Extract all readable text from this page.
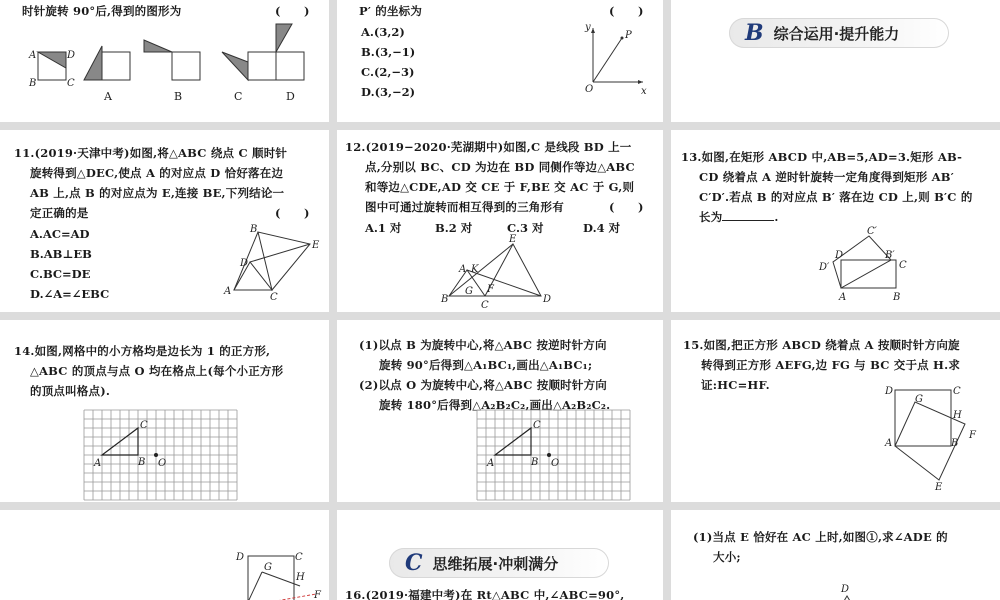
时针旋转 90°后,得到的图形为	(　　)
A	D
B	C
A	B	C	D
P′ 的坐标为	(　　)
A.(3,2)
B.(3,−1)
C.(2,−3)
D.(3,−2)
y
x
O
P	B 综合运用·提升能力
11.(2019·天津中考)如图,将△ABC 绕点 C 顺时针
旋转得到△DEC,使点 A 的对应点 D 恰好落在边
AB 上,点 B 的对应点为 E,连接 BE,下列结论一
定正确的是	(　　)
A.AC=AD
B.AB⊥EB
C.BC=DE
D.∠A=∠EBC	A
D
B
E
C
12.(2019−2020·芜湖期中)如图,C 是线段 BD 上一
点,分别以 BC、CD 为边在 BD 同侧作等边△ABC
和等边△CDE,AD 交 CE 于 F,BE 交 AC 于 G,则
图中可通过旋转而相互得到的三角形有	(　　)
A.1 对	B.2 对	C.3 对	D.4 对
B
A K
G F
C
E
D
13.如图,在矩形 ABCD 中,AB=5,AD=3.矩形 AB-
CD 绕着点 A 逆时针旋转一定角度得到矩形 AB′
C′D′.若点 B 的对应点 B′ 落在边 CD 上,则 B′C 的
长为	.
A	B
C
D
D′
C′
B′
14.如图,网格中的小方格均是边长为 1 的正方形,
△ABC 的顶点与点 O 均在格点上(每个小正方形
的顶点叫格点).
A	B
C
O
(1)以点 B 为旋转中心,将△ABC 按逆时针方向
旋转 90°后得到△A₁BC₁,画出△A₁BC₁;
(2)以点 O 为旋转中心,将△ABC 按顺时针方向
旋转 180°后得到△A₂B₂C₂,画出△A₂B₂C₂.
A	B
C
O
15.如图,把正方形 ABCD 绕着点 A 按顺时针方向旋
转得到正方形 AEFG,边 FG 与 BC 交于点 H.求
证:HC=HF.	D	C
G
H
A	B
F
E
D	C
G
H
F
C 思维拓展·冲刺满分
16.(2019·福建中考)在 Rt△ABC 中,∠ABC=90°,
(1)当点 E 恰好在 AC 上时,如图①,求∠ADE 的
大小;
D
